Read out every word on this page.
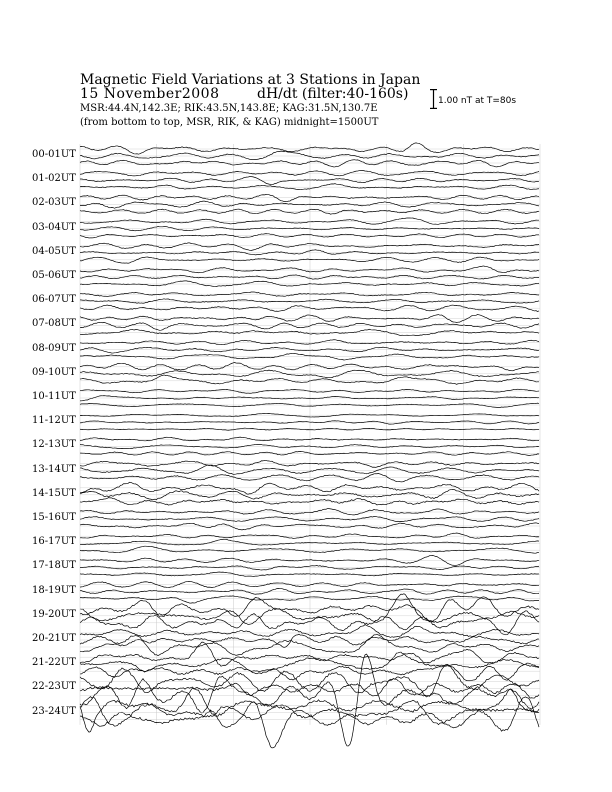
Magnetic Field Variations at 3 Stations in Japan
15 November2008	dH/dt (filter:40-160s)
MSR:44.4N,142.3E; RIK:43.5N,143.8E; KAG:31.5N,130.7E
(from bottom to top, MSR, RIK, & KAG) midnight=1500UT
1.00 nT at T=80s
00-01UT
01-02UT
02-03UT
03-04UT
04-05UT
05-06UT
06-07UT
07-08UT
08-09UT
09-10UT
10-11UT
11-12UT
12-13UT
13-14UT
14-15UT
15-16UT
16-17UT
17-18UT
18-19UT
19-20UT
20-21UT
21-22UT
22-23UT
23-24UT
